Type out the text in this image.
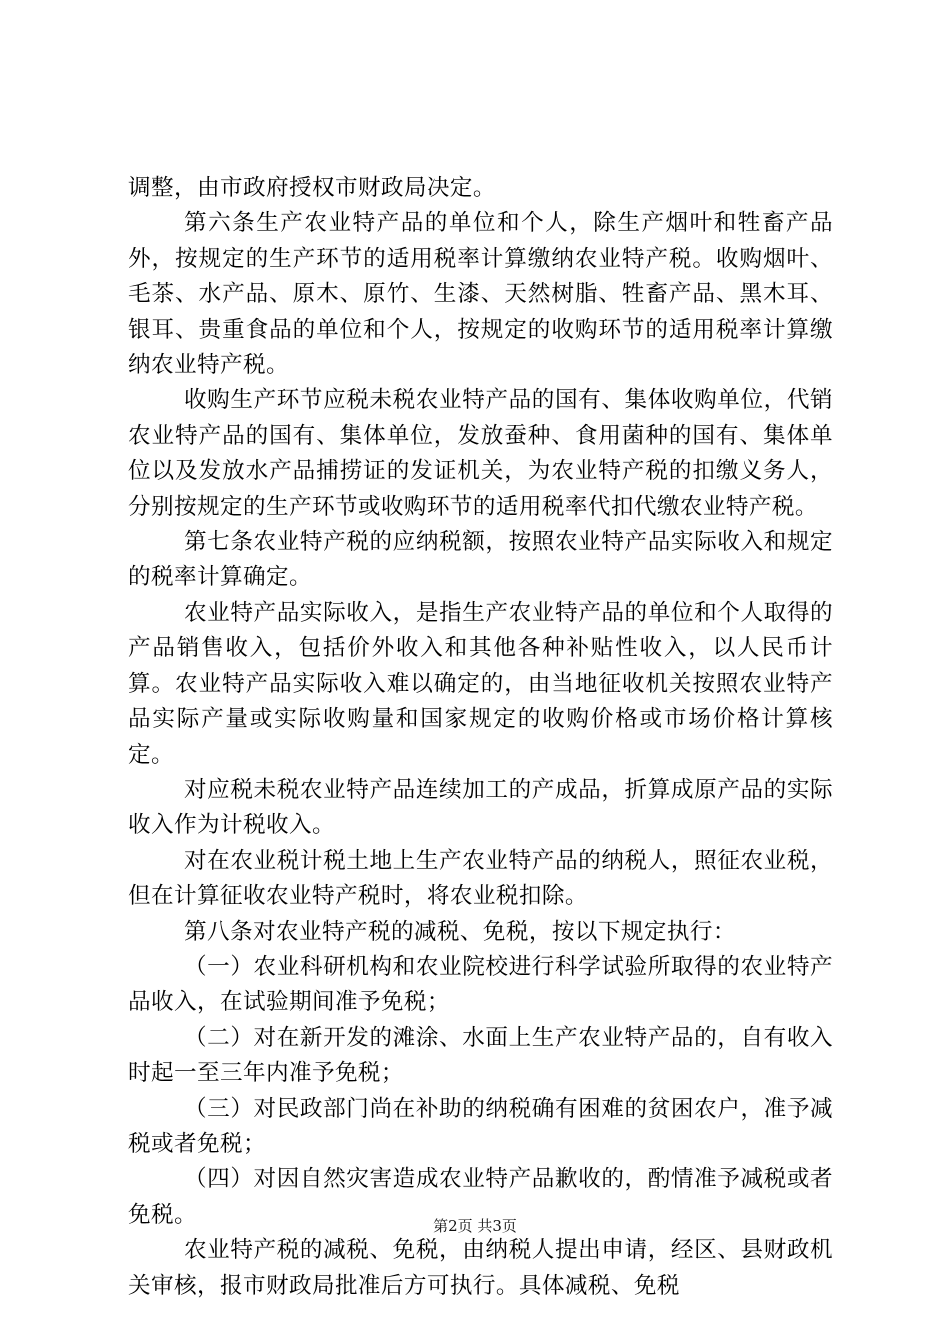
调整，由市政府授权市财政局决定。

第六条生产农业特产品的单位和个人，除生产烟叶和牲畜产品外，按规定的生产环节的适用税率计算缴纳农业特产税。收购烟叶、毛茶、水产品、原木、原竹、生漆、天然树脂、牲畜产品、黑木耳、银耳、贵重食品的单位和个人，按规定的收购环节的适用税率计算缴纳农业特产税。

收购生产环节应税未税农业特产品的国有、集体收购单位，代销农业特产品的国有、集体单位，发放蚕种、食用菌种的国有、集体单位以及发放水产品捕捞证的发证机关，为农业特产税的扣缴义务人，分别按规定的生产环节或收购环节的适用税率代扣代缴农业特产税。

第七条农业特产税的应纳税额，按照农业特产品实际收入和规定的税率计算确定。

农业特产品实际收入，是指生产农业特产品的单位和个人取得的产品销售收入，包括价外收入和其他各种补贴性收入，以人民币计算。农业特产品实际收入难以确定的，由当地征收机关按照农业特产品实际产量或实际收购量和国家规定的收购价格或市场价格计算核定。

对应税未税农业特产品连续加工的产成品，折算成原产品的实际收入作为计税收入。

对在农业税计税土地上生产农业特产品的纳税人，照征农业税，但在计算征收农业特产税时，将农业税扣除。

第八条对农业特产税的减税、免税，按以下规定执行：

（一）农业科研机构和农业院校进行科学试验所取得的农业特产品收入，在试验期间准予免税；

（二）对在新开发的滩涂、水面上生产农业特产品的，自有收入时起一至三年内准予免税；

（三）对民政部门尚在补助的纳税确有困难的贫困农户，准予减税或者免税；

（四）对因自然灾害造成农业特产品歉收的，酌情准予减税或者免税。

农业特产税的减税、免税，由纳税人提出申请，经区、县财政机关审核，报市财政局批准后方可执行。具体减税、免税

第2页 共3页
